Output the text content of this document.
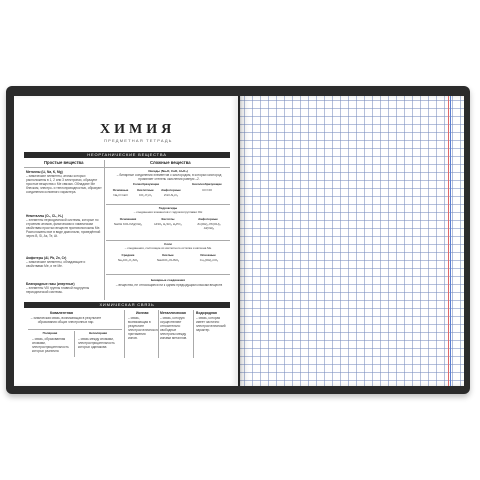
ХИМИЯ
ПРЕДМЕТНАЯ ТЕТРАДЬ
НЕОРГАНИЧЕСКИЕ ВЕЩЕСТВА
Простые вещества	Сложные вещества
Металлы (Li, Na, K, Mg)
– химические элементы, атомы которых расположены в 1, 2 или 3 электронах, образуют простые вещества с Ме связью. Обладают Ме блеском, электро- и теплопроводностью, образуют соединения основного характера.
Неметаллы (O₂, Cl₂, H₂)
– элементы периодической системы, которые по строению атомов, физическим и химическим свойствам простых веществ противоположны Ме. Расположены все в виде диагонали, проведённой через B, Si, As, Te, At.
Амфотеры (Al, Pb, Zn, Cr)
– химические элементы, обладающие и свойствами Ме, и не Ме.
Благородные газы (инертные)
– элементы VIII группы главной подгруппы периодической системы.
Оксиды (Na₂O, CaO, Al₂O₃)
– бинарные соединения элементов с кислородом, в которых кислород проявляет степень окисления равную –2.
Солеобразующие	Несолеобразующие
Основные	Кислотные	Амфотерные
Na₂O CaO	CO₂ P₂O₅	ZnO Al₂O₃
CO NO
Гидроксиды
– соединения элементов с гидроксогруппами OH
Основания	Кислоты	Амфотерные
NaOH KOH Mg(OH)₂	HNO₃ H₂SO₄ H₃PO₄	Zn(OH)₂ Pb(OH)₂ Al(OH)₃
Соли
– соединения, состоящие из кислотного остатка и катиона Ме
Средние	Кислые	Основные
Na₂CO₃ K₂SO₄	NaHCO₃ KHSO₄	Cu₂(OH)₂CO₃
Бинарные соединения
– вещества, не относящиеся ни к одним предыдущим классам веществ
ХИМИЧЕСКАЯ СВЯЗЬ
Ковалентная
– химическая связь, возникающая в результате образования общих электронных пар.
Ионная
– связь, возникающая в результате электростатического притяжения ионов.
Металлическая
– связь, которую осуществляют относительно свободные электроны между ионами металлов.
Водородная
– связь, которая имеет частично электростатический характер.
Полярная	Неполярная
– связь, образованная атомами, электроотрицательность которых различна
– связь между атомами, электроотрицательность которых одинакова
